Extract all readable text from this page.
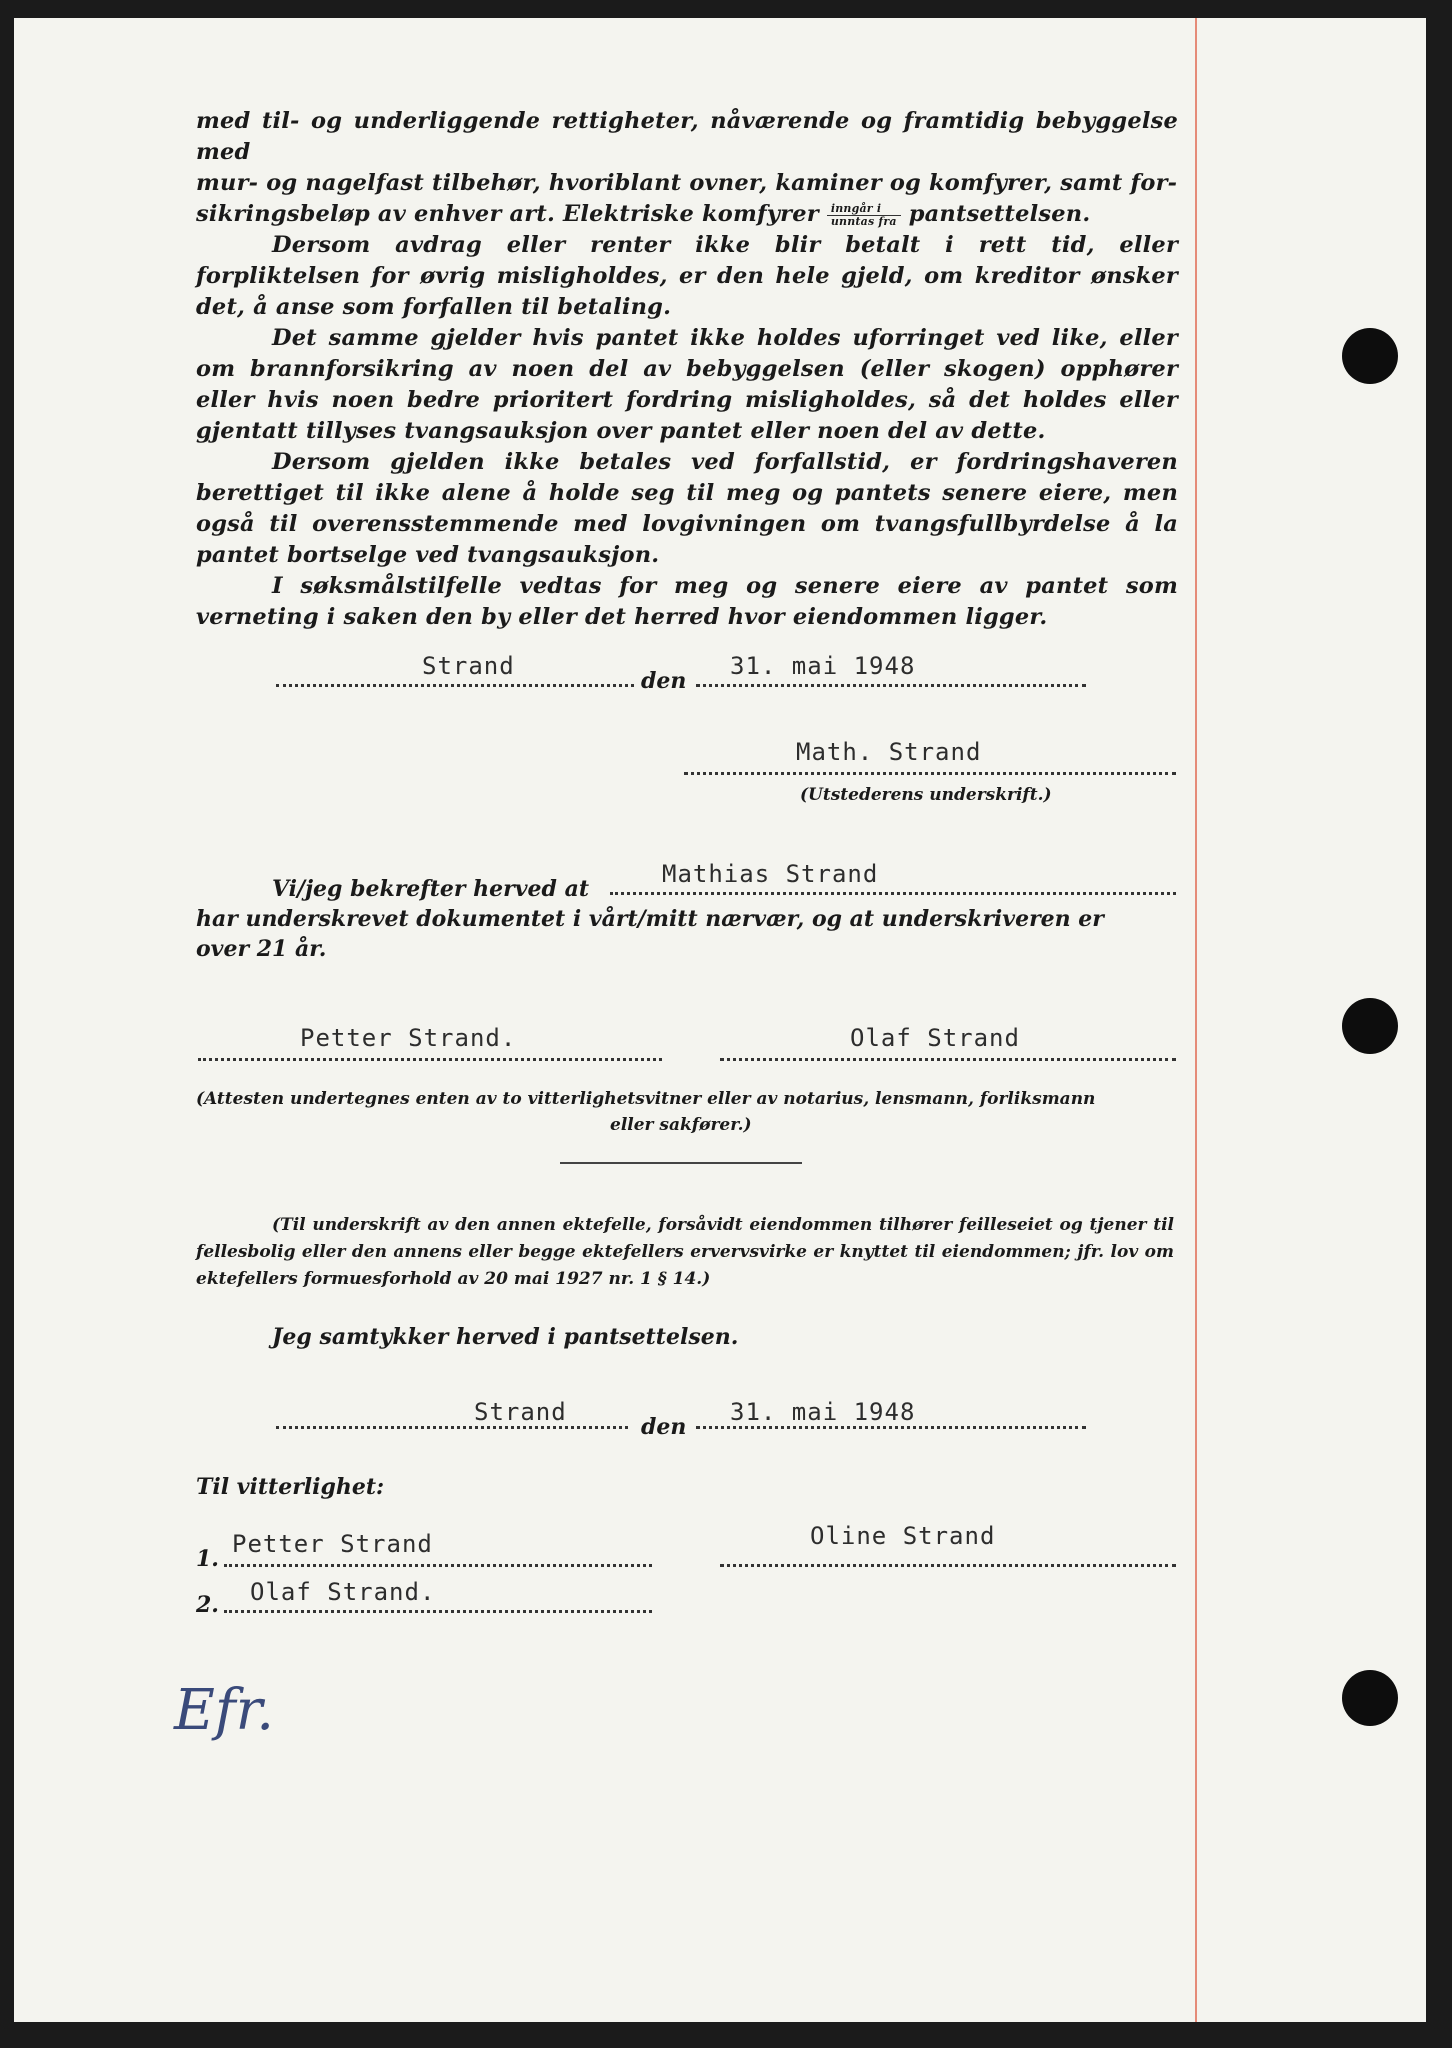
med til- og underliggende rettigheter, nåværende og framtidig bebyggelse med

mur- og nagelfast tilbehør, hvoriblant ovner, kaminer og komfyrer, samt for-

sikringsbeløp av enhver art. Elektriske komfyrer $\frac{\text{inngår i}}{\text{unntas fra}}$ pantsettelsen.

Dersom avdrag eller renter ikke blir betalt i rett tid, eller forpliktelsen for øvrig misligholdes, er den hele gjeld, om kreditor ønsker det, å anse som forfallen til betaling.

Det samme gjelder hvis pantet ikke holdes uforringet ved like, eller om brannforsikring av noen del av bebyggelsen (eller skogen) opphører eller hvis noen bedre prioritert fordring misligholdes, så det holdes eller gjentatt tillyses tvangsauksjon over pantet eller noen del av dette.

Dersom gjelden ikke betales ved forfallstid, er fordringshaveren berettiget til ikke alene å holde seg til meg og pantets senere eiere, men også til overensstemmende med lovgivningen om tvangsfullbyrdelse å la pantet bortselge ved tvangsauksjon.

I søksmålstilfelle vedtas for meg og senere eiere av pantet som verneting i saken den by eller det herred hvor eiendommen ligger.

Strand
den
31. mai 1948
Math. Strand
(Utstederens underskrift.)
Mathias Strand
Vi/jeg bekrefter herved at
har underskrevet dokumentet i vårt/mitt nærvær, og at underskriveren er
over 21 år.
Petter Strand.	Olaf Strand
(Attesten undertegnes enten av to vitterlighetsvitner eller av notarius, lensmann, forliksmann
eller sakfører.)
(Til underskrift av den annen ektefelle, forsåvidt eiendommen tilhører feilleseiet og tjener til fellesbolig eller den annens eller begge ektefellers ervervsvirke er knyttet til eiendommen; jfr. lov om ektefellers formuesforhold av 20 mai 1927 nr. 1 § 14.)
Jeg samtykker herved i pantsettelsen.
Strand
den
31. mai 1948
Til vitterlighet:
1.
Petter Strand
2. Olaf Strand.
Oline Strand
Efr.
